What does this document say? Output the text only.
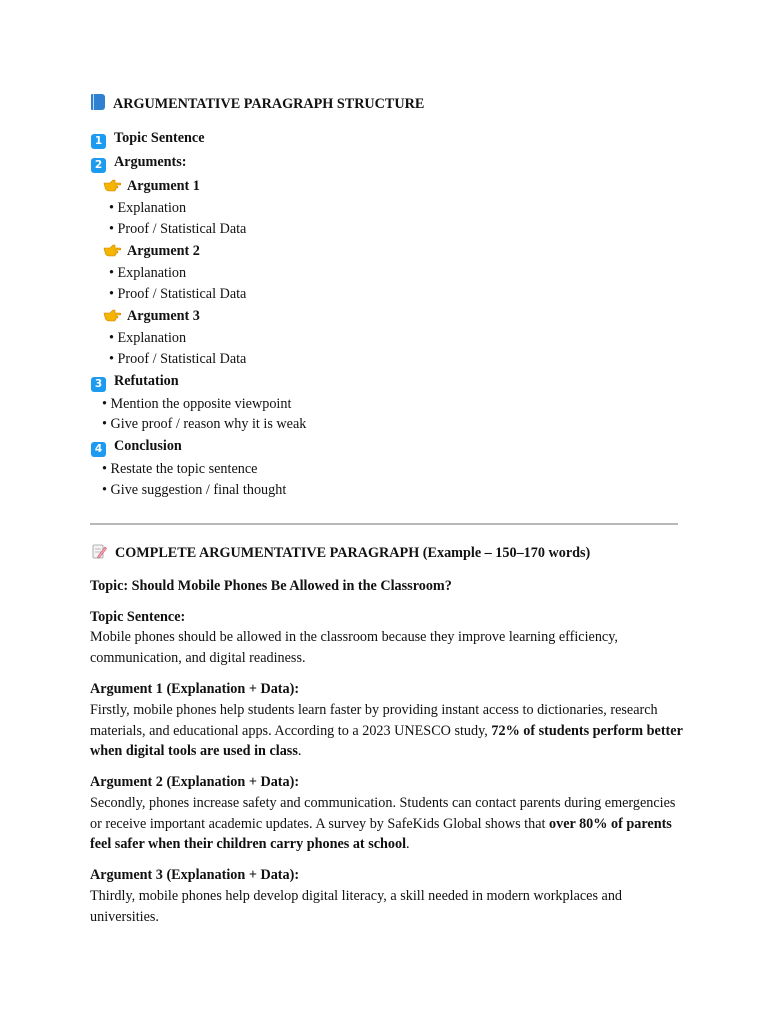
ARGUMENTATIVE PARAGRAPH STRUCTURE
1 Topic Sentence
2 Arguments:
Argument 1
• Explanation
• Proof / Statistical Data
Argument 2
• Explanation
• Proof / Statistical Data
Argument 3
• Explanation
• Proof / Statistical Data
3 Refutation
• Mention the opposite viewpoint
• Give proof / reason why it is weak
4 Conclusion
• Restate the topic sentence
• Give suggestion / final thought
COMPLETE ARGUMENTATIVE PARAGRAPH (Example – 150–170 words)
Topic: Should Mobile Phones Be Allowed in the Classroom?
Topic Sentence:
Mobile phones should be allowed in the classroom because they improve learning efficiency, communication, and digital readiness.
Argument 1 (Explanation + Data):
Firstly, mobile phones help students learn faster by providing instant access to dictionaries, research materials, and educational apps. According to a 2023 UNESCO study, 72% of students perform better when digital tools are used in class.
Argument 2 (Explanation + Data):
Secondly, phones increase safety and communication. Students can contact parents during emergencies or receive important academic updates. A survey by SafeKids Global shows that over 80% of parents feel safer when their children carry phones at school.
Argument 3 (Explanation + Data):
Thirdly, mobile phones help develop digital literacy, a skill needed in modern workplaces and universities.
